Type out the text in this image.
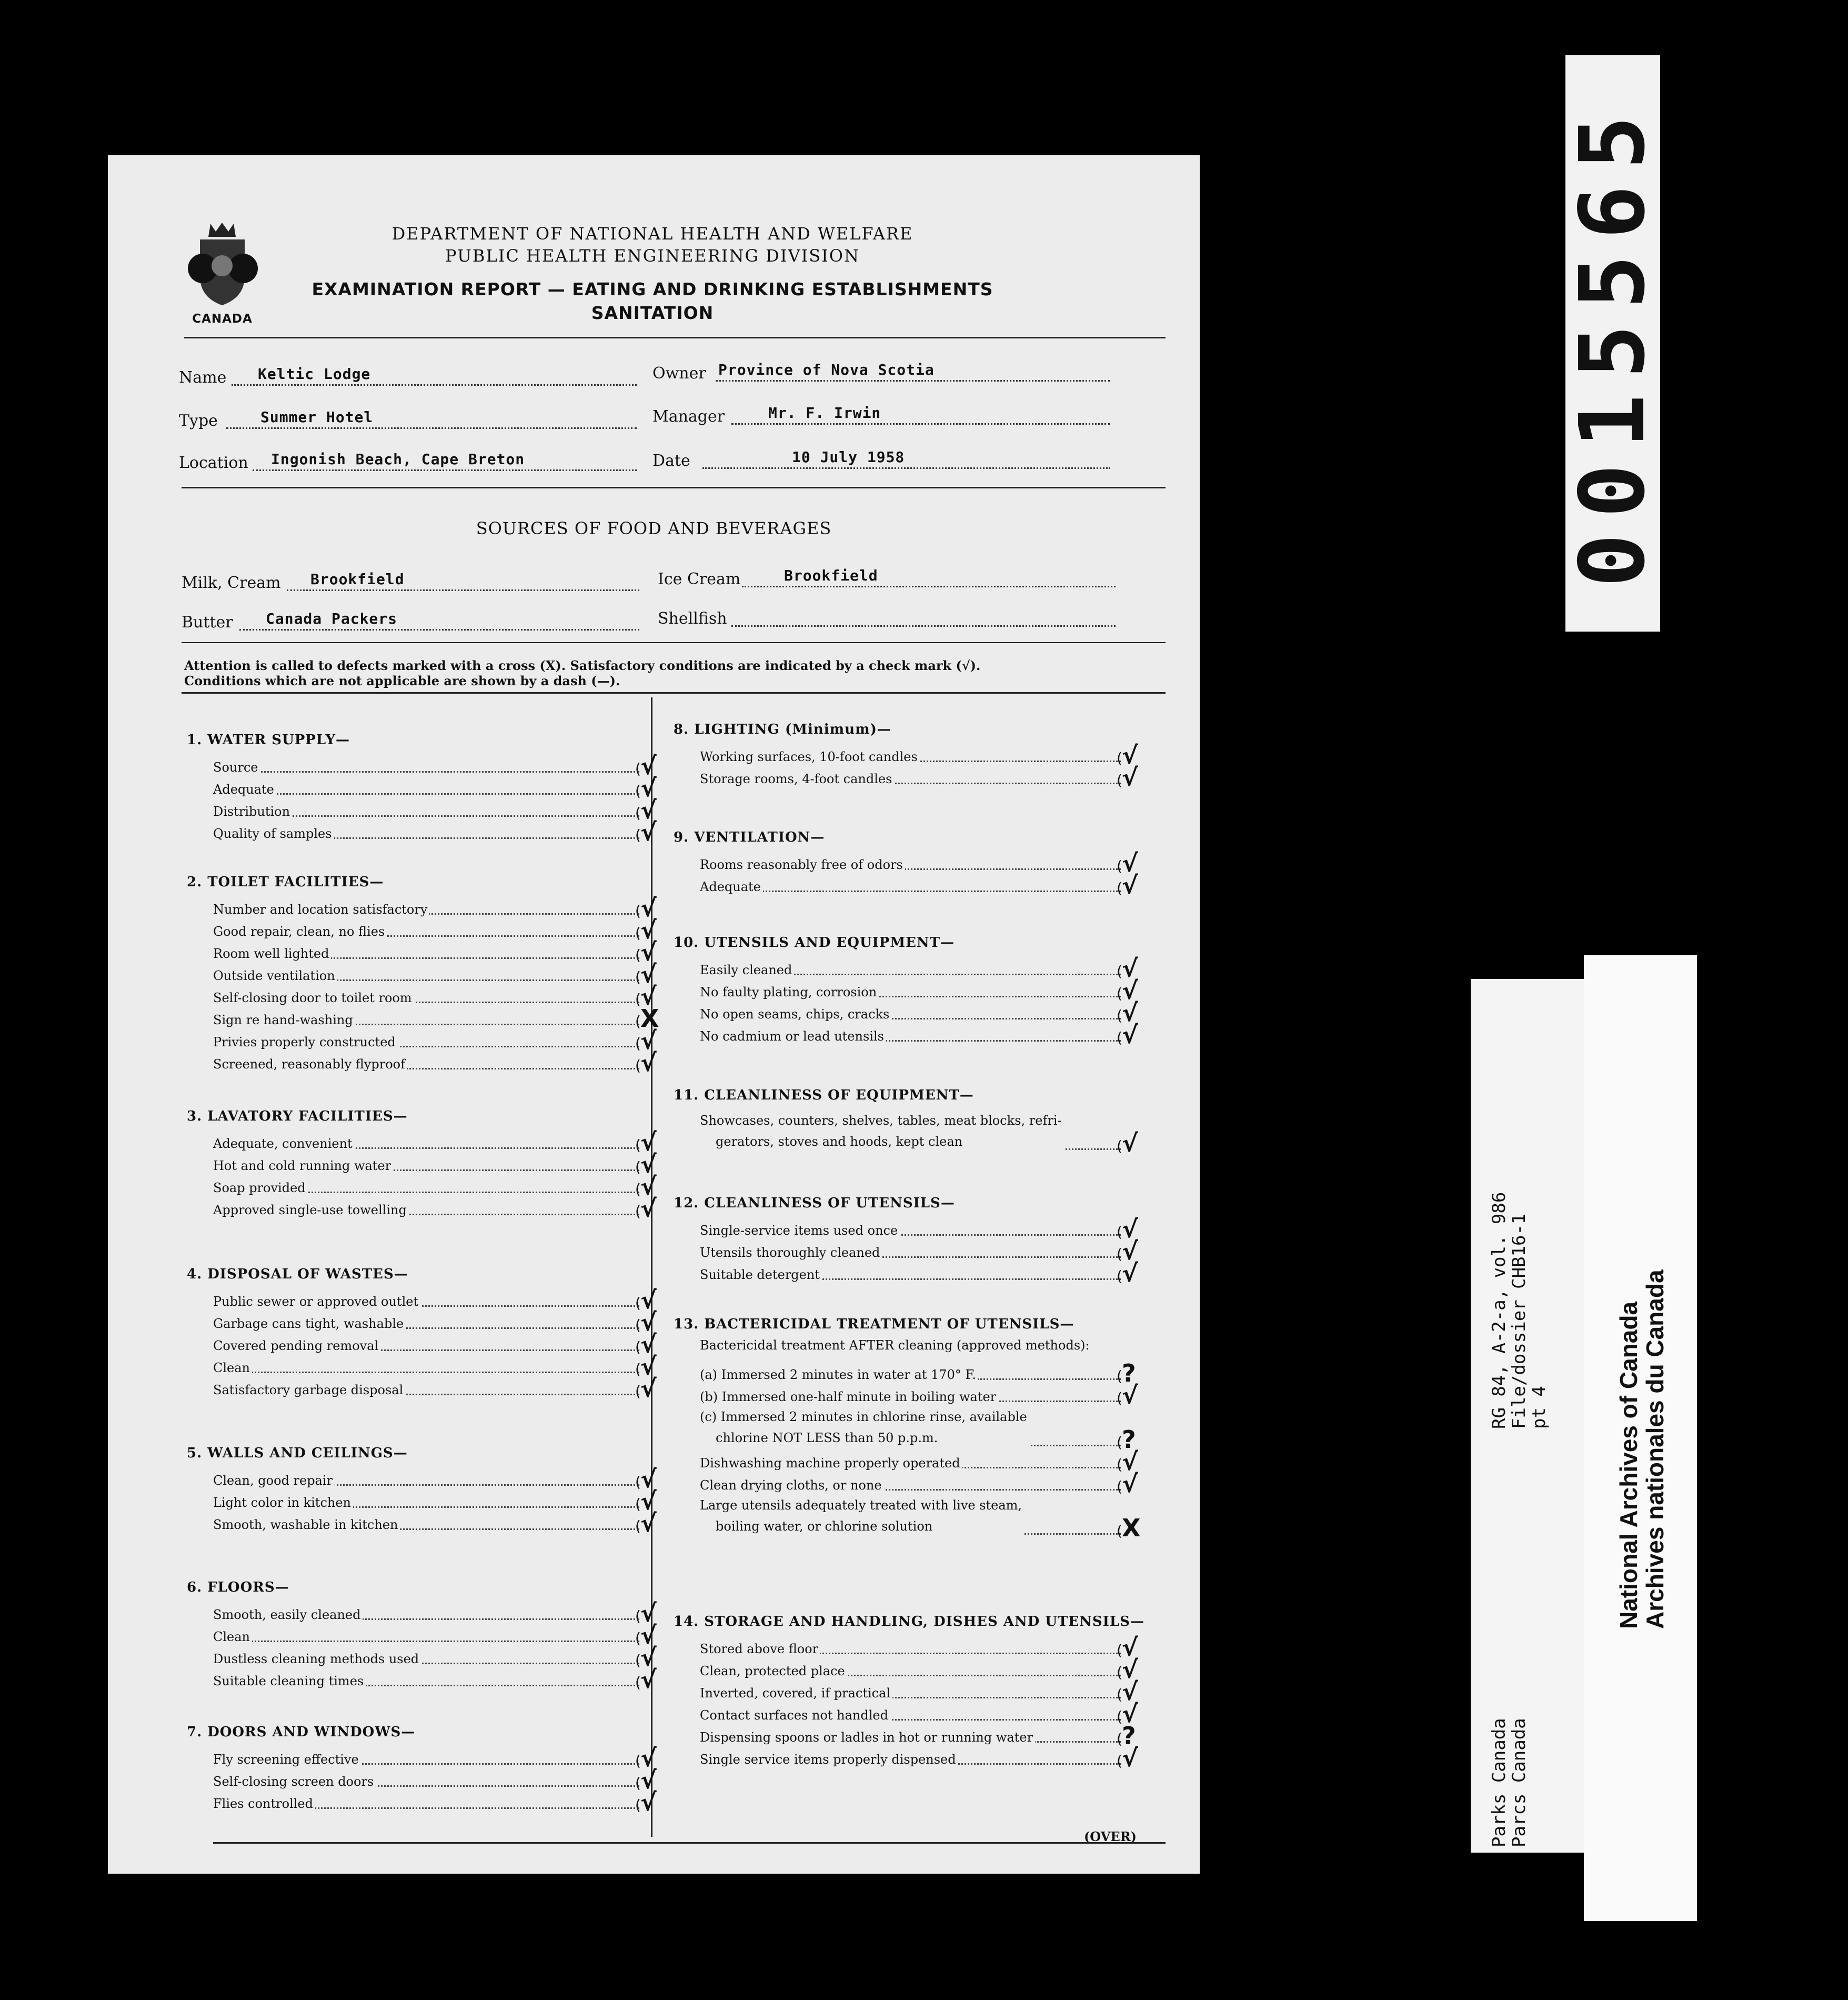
CANADA
DEPARTMENT OF NATIONAL HEALTH AND WELFARE
PUBLIC HEALTH ENGINEERING DIVISION
EXAMINATION REPORT — EATING AND DRINKING ESTABLISHMENTS
SANITATION
Name Keltic Lodge	Owner Province of Nova Scotia
Type	Summer Hotel	Manager	Mr. F. Irwin
Location Ingonish Beach, Cape Breton	Date	10 July 1958
SOURCES OF FOOD AND BEVERAGES
Milk, Cream Brookfield	Ice Cream	Brookfield
Butter Canada Packers	Shellfish
Attention is called to defects marked with a cross (X). Satisfactory conditions are indicated by a check mark (√).
Conditions which are not applicable are shown by a dash (—).
1. WATER SUPPLY—
Source	( √
Adequate	( √
Distribution	( √
Quality of samples	( √
2. TOILET FACILITIES—
Number and location satisfactory	( √
Good repair, clean, no flies	( √
Room well lighted	( √
Outside ventilation	( √
Self-closing door to toilet room	( √
Sign re hand-washing	( X
Privies properly constructed	( √
Screened, reasonably flyproof	( √
3. LAVATORY FACILITIES—
Adequate, convenient	( √
Hot and cold running water	( √
Soap provided	( √
Approved single-use towelling	( √
4. DISPOSAL OF WASTES—
Public sewer or approved outlet	( √
Garbage cans tight, washable	( √
Covered pending removal	( √
Clean	( √
Satisfactory garbage disposal	( √
5. WALLS AND CEILINGS—
Clean, good repair	( √
Light color in kitchen	( √
Smooth, washable in kitchen	( √
6. FLOORS—
Smooth, easily cleaned	( √
Clean	( √
Dustless cleaning methods used	( √
Suitable cleaning times	( √
7. DOORS AND WINDOWS—
Fly screening effective	( √
Self-closing screen doors	( √
Flies controlled	( √
8. LIGHTING (Minimum)—
Working surfaces, 10-foot candles	( √
Storage rooms, 4-foot candles	( √
9. VENTILATION—
Rooms reasonably free of odors	( √
Adequate	( √
10. UTENSILS AND EQUIPMENT—
Easily cleaned	( √
No faulty plating, corrosion	( √
No open seams, chips, cracks	( √
No cadmium or lead utensils	( √
11. CLEANLINESS OF EQUIPMENT—
Showcases, counters, shelves, tables, meat blocks, refri-
gerators, stoves and hoods, kept clean	( √
12. CLEANLINESS OF UTENSILS—
Single-service items used once	( √
Utensils thoroughly cleaned	( √
Suitable detergent	( √
13. BACTERICIDAL TREATMENT OF UTENSILS—
Bactericidal treatment AFTER cleaning (approved methods):
(a) Immersed 2 minutes in water at 170° F.	( ?
(b) Immersed one-half minute in boiling water	( √
(c) Immersed 2 minutes in chlorine rinse, available
chlorine NOT LESS than 50 p.p.m.	( ?
Dishwashing machine properly operated	( √
Clean drying cloths, or none	( √
Large utensils adequately treated with live steam,
boiling water, or chlorine solution	( X
14. STORAGE AND HANDLING, DISHES AND UTENSILS—
Stored above floor	( √
Clean, protected place	( √
Inverted, covered, if practical	( √
Contact surfaces not handled	( √
Dispensing spoons or ladles in hot or running water	( ?
Single service items properly dispensed	( √
(OVER)
0015565
Parks Canada
Parcs Canada
RG 84, A-2-a, vol. 986
File/dossier CHB16-1
pt 4	National Archives of Canada
Archives nationales du Canada
